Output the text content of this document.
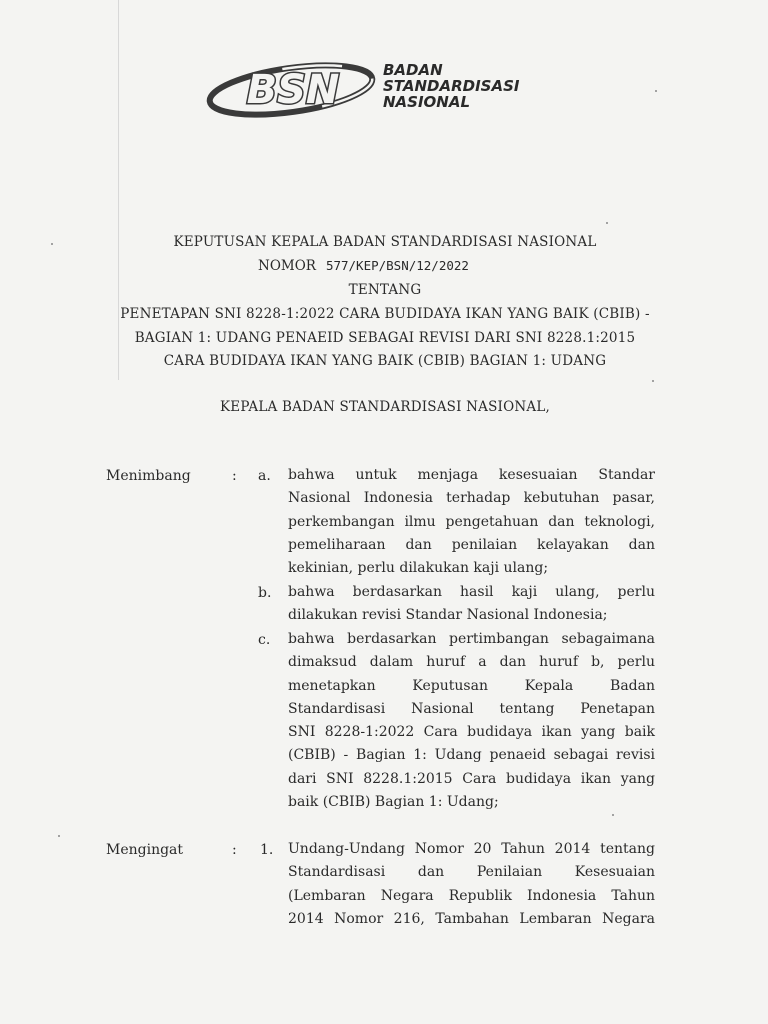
BSN	BADAN
STANDARDISASI
NASIONAL
KEPUTUSAN KEPALA BADAN STANDARDISASI NASIONAL
NOMOR 577/KEP/BSN/12/2022
TENTANG
PENETAPAN SNI 8228-1:2022 CARA BUDIDAYA IKAN YANG BAIK (CBIB) -
BAGIAN 1: UDANG PENAEID SEBAGAI REVISI DARI SNI 8228.1:2015
CARA BUDIDAYA IKAN YANG BAIK (CBIB) BAGIAN 1: UDANG
KEPALA BADAN STANDARDISASI NASIONAL,
Menimbang	: a. bahwa untuk menjaga kesesuaian Standar
Nasional Indonesia terhadap kebutuhan pasar,
perkembangan ilmu pengetahuan dan teknologi,
pemeliharaan dan penilaian kelayakan dan
kekinian, perlu dilakukan kaji ulang;
b. bahwa berdasarkan hasil kaji ulang, perlu
dilakukan revisi Standar Nasional Indonesia;
c. bahwa berdasarkan pertimbangan sebagaimana
dimaksud dalam huruf a dan huruf b, perlu
menetapkan Keputusan Kepala Badan
Standardisasi Nasional tentang Penetapan
SNI 8228-1:2022 Cara budidaya ikan yang baik
(CBIB) - Bagian 1: Udang penaeid sebagai revisi
dari SNI 8228.1:2015 Cara budidaya ikan yang
baik (CBIB) Bagian 1: Udang;
Mengingat	: 1. Undang-Undang Nomor 20 Tahun 2014 tentang
Standardisasi dan Penilaian Kesesuaian
(Lembaran Negara Republik Indonesia Tahun
2014 Nomor 216, Tambahan Lembaran Negara
